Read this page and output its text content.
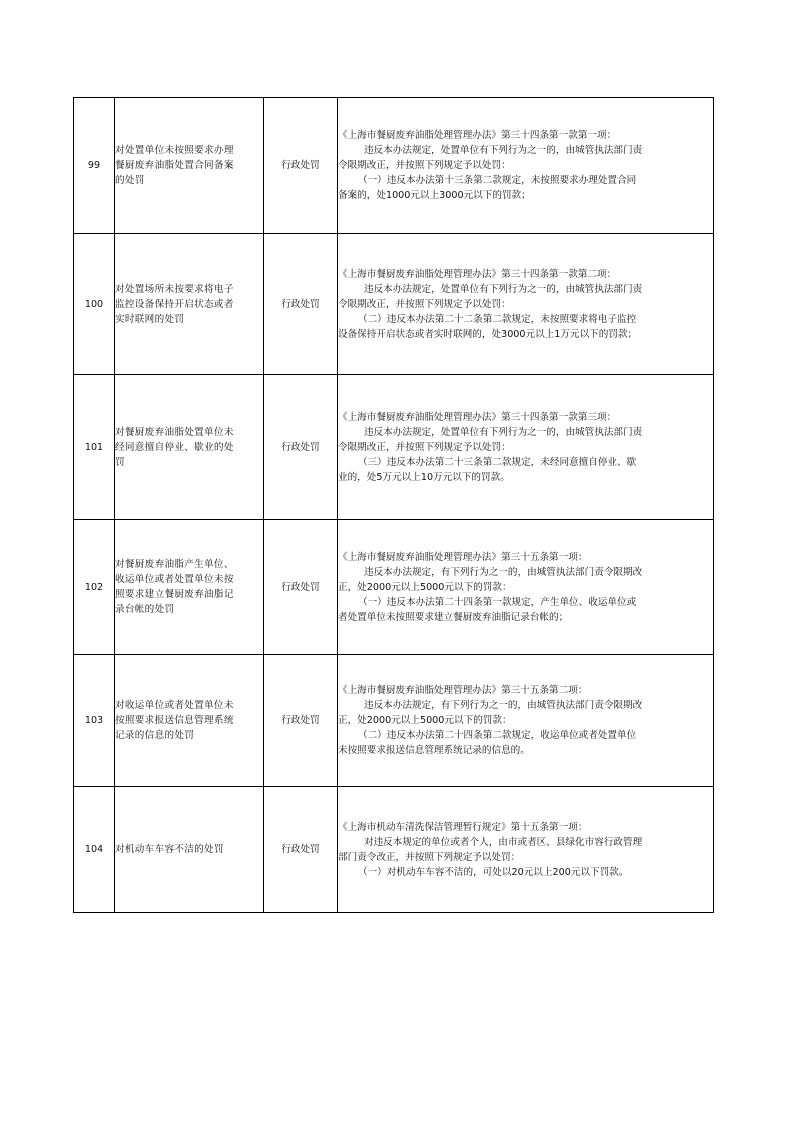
99	对处置单位未按照要求办理
餐厨废弃油脂处置合同备案
的处罚	行政处罚	《上海市餐厨废弃油脂处理管理办法》第三十四条第一款第一项：
违反本办法规定，处置单位有下列行为之一的，由城管执法部门责
令限期改正，并按照下列规定予以处罚：
（一）违反本办法第十三条第二款规定，未按照要求办理处置合同
备案的，处1000元以上3000元以下的罚款；

100	对处置场所未按要求将电子
监控设备保持开启状态或者
实时联网的处罚	行政处罚	《上海市餐厨废弃油脂处理管理办法》第三十四条第一款第二项：
违反本办法规定，处置单位有下列行为之一的，由城管执法部门责
令限期改正，并按照下列规定予以处罚：
（二）违反本办法第二十二条第二款规定，未按照要求将电子监控
设备保持开启状态或者实时联网的，处3000元以上1万元以下的罚款；

101	对餐厨废弃油脂处置单位未
经同意擅自停业、歇业的处
罚	行政处罚	《上海市餐厨废弃油脂处理管理办法》第三十四条第一款第三项：
违反本办法规定，处置单位有下列行为之一的，由城管执法部门责
令限期改正，并按照下列规定予以处罚：
（三）违反本办法第二十三条第二款规定，未经同意擅自停业、歇
业的，处5万元以上10万元以下的罚款。

102	对餐厨废弃油脂产生单位、
收运单位或者处置单位未按
照要求建立餐厨废弃油脂记
录台帐的处罚	行政处罚	《上海市餐厨废弃油脂处理管理办法》第三十五条第一项：
违反本办法规定，有下列行为之一的，由城管执法部门责令限期改
正，处2000元以上5000元以下的罚款：
（一）违反本办法第二十四条第一款规定，产生单位、收运单位或
者处置单位未按照要求建立餐厨废弃油脂记录台帐的；

103	对收运单位或者处置单位未
按照要求报送信息管理系统
记录的信息的处罚	行政处罚	《上海市餐厨废弃油脂处理管理办法》第三十五条第二项：
违反本办法规定，有下列行为之一的，由城管执法部门责令限期改
正，处2000元以上5000元以下的罚款：
（二）违反本办法第二十四条第二款规定，收运单位或者处置单位
未按照要求报送信息管理系统记录的信息的。

104	对机动车车容不洁的处罚	行政处罚	《上海市机动车清洗保洁管理暂行规定》第十五条第一项：
对违反本规定的单位或者个人，由市或者区、县绿化市容行政管理
部门责令改正，并按照下列规定予以处罚：
（一）对机动车车容不洁的，可处以20元以上200元以下罚款。
